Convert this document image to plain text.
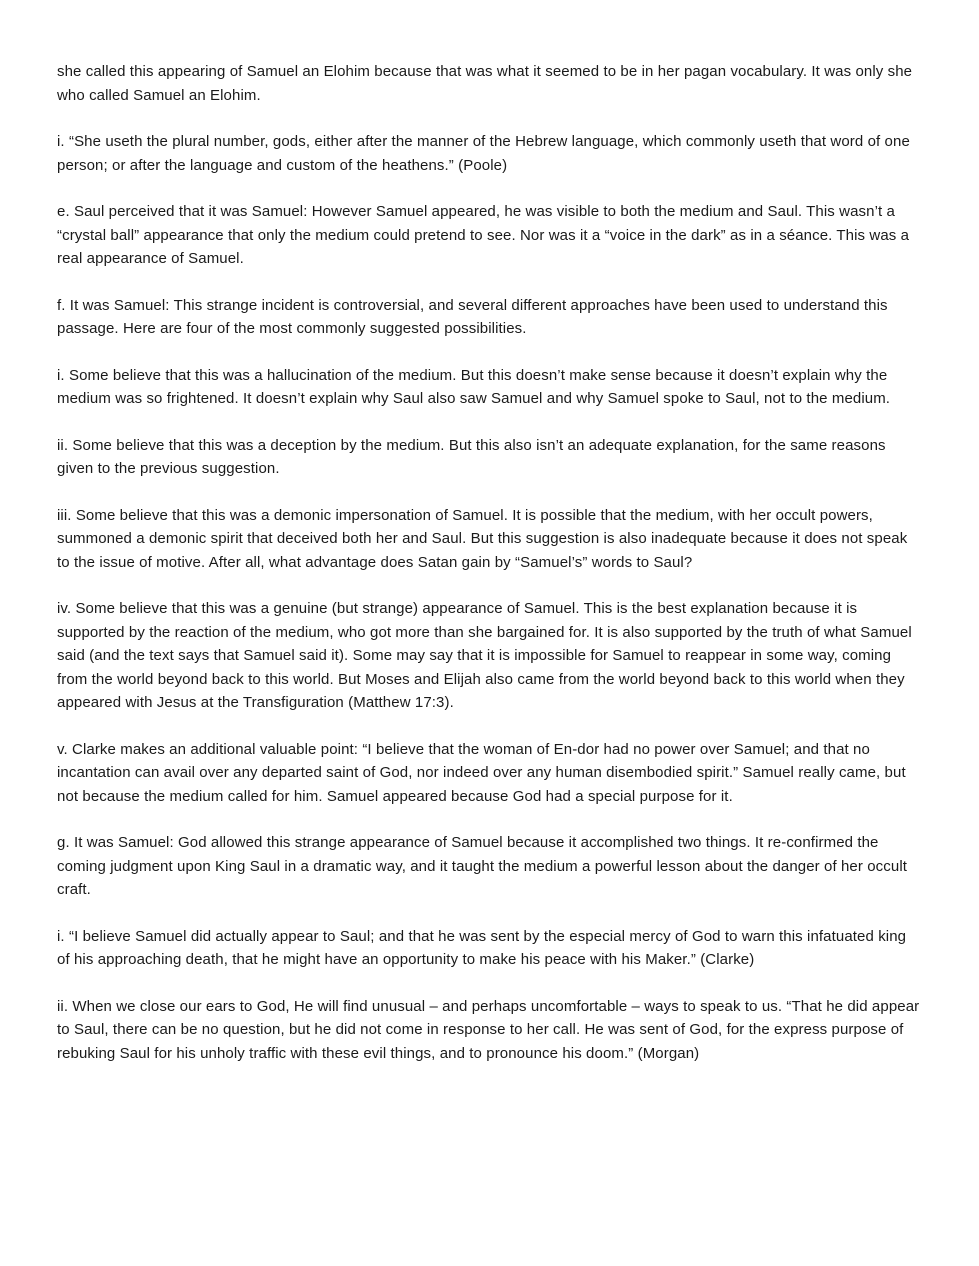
she called this appearing of Samuel an Elohim because that was what it seemed to be in her pagan vocabulary. It was only she who called Samuel an Elohim.

i. “She useth the plural number, gods, either after the manner of the Hebrew language, which commonly useth that word of one person; or after the language and custom of the heathens.” (Poole)

e. Saul perceived that it was Samuel: However Samuel appeared, he was visible to both the medium and Saul. This wasn’t a “crystal ball” appearance that only the medium could pretend to see. Nor was it a “voice in the dark” as in a séance. This was a real appearance of Samuel.

f. It was Samuel: This strange incident is controversial, and several different approaches have been used to understand this passage. Here are four of the most commonly suggested possibilities.

i. Some believe that this was a hallucination of the medium. But this doesn’t make sense because it doesn’t explain why the medium was so frightened. It doesn’t explain why Saul also saw Samuel and why Samuel spoke to Saul, not to the medium.

ii. Some believe that this was a deception by the medium. But this also isn’t an adequate explanation, for the same reasons given to the previous suggestion.

iii. Some believe that this was a demonic impersonation of Samuel. It is possible that the medium, with her occult powers, summoned a demonic spirit that deceived both her and Saul. But this suggestion is also inadequate because it does not speak to the issue of motive. After all, what advantage does Satan gain by “Samuel’s” words to Saul?

iv. Some believe that this was a genuine (but strange) appearance of Samuel. This is the best explanation because it is supported by the reaction of the medium, who got more than she bargained for. It is also supported by the truth of what Samuel said (and the text says that Samuel said it). Some may say that it is impossible for Samuel to reappear in some way, coming from the world beyond back to this world. But Moses and Elijah also came from the world beyond back to this world when they appeared with Jesus at the Transfiguration (Matthew 17:3).

v. Clarke makes an additional valuable point: “I believe that the woman of En-dor had no power over Samuel; and that no incantation can avail over any departed saint of God, nor indeed over any human disembodied spirit.” Samuel really came, but not because the medium called for him. Samuel appeared because God had a special purpose for it.

g. It was Samuel: God allowed this strange appearance of Samuel because it accomplished two things. It re-confirmed the coming judgment upon King Saul in a dramatic way, and it taught the medium a powerful lesson about the danger of her occult craft.

i. “I believe Samuel did actually appear to Saul; and that he was sent by the especial mercy of God to warn this infatuated king of his approaching death, that he might have an opportunity to make his peace with his Maker.” (Clarke)

ii. When we close our ears to God, He will find unusual – and perhaps uncomfortable – ways to speak to us. “That he did appear to Saul, there can be no question, but he did not come in response to her call. He was sent of God, for the express purpose of rebuking Saul for his unholy traffic with these evil things, and to pronounce his doom.” (Morgan)
